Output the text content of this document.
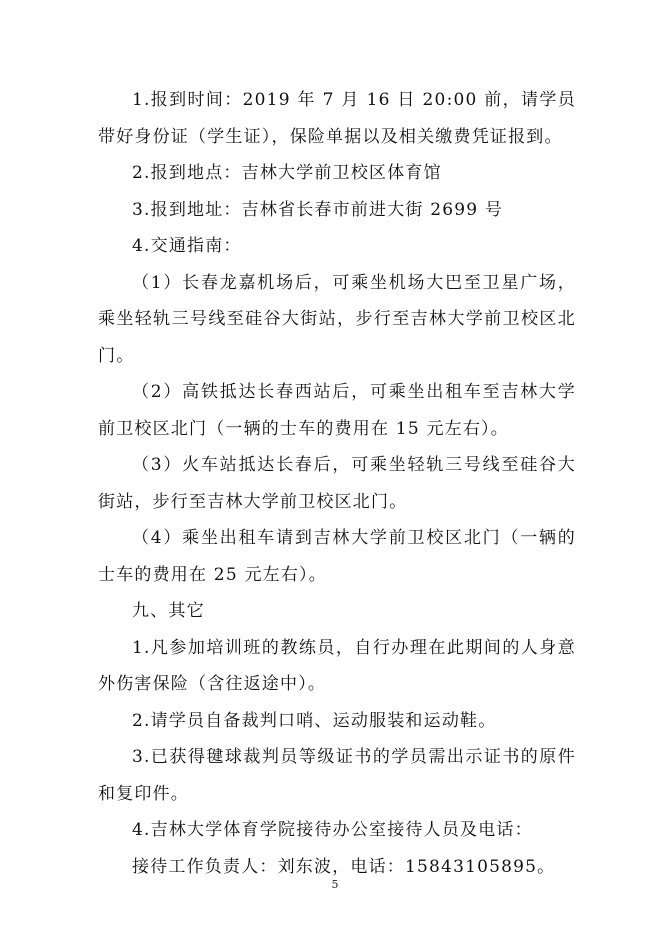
1.报到时间：2019 年 7 月 16 日 20:00 前，请学员带好身份证（学生证），保险单据以及相关缴费凭证报到。

2.报到地点：吉林大学前卫校区体育馆

3.报到地址：吉林省长春市前进大街 2699 号

4.交通指南：

（1）长春龙嘉机场后，可乘坐机场大巴至卫星广场，乘坐轻轨三号线至硅谷大街站，步行至吉林大学前卫校区北门。

（2）高铁抵达长春西站后，可乘坐出租车至吉林大学前卫校区北门（一辆的士车的费用在 15 元左右）。

（3）火车站抵达长春后，可乘坐轻轨三号线至硅谷大街站，步行至吉林大学前卫校区北门。

（4）乘坐出租车请到吉林大学前卫校区北门（一辆的士车的费用在 25 元左右）。

九、其它

1.凡参加培训班的教练员，自行办理在此期间的人身意外伤害保险（含往返途中）。

2.请学员自备裁判口哨、运动服装和运动鞋。

3.已获得毽球裁判员等级证书的学员需出示证书的原件和复印件。

4.吉林大学体育学院接待办公室接待人员及电话：

接待工作负责人：刘东波，电话：15843105895。

5
